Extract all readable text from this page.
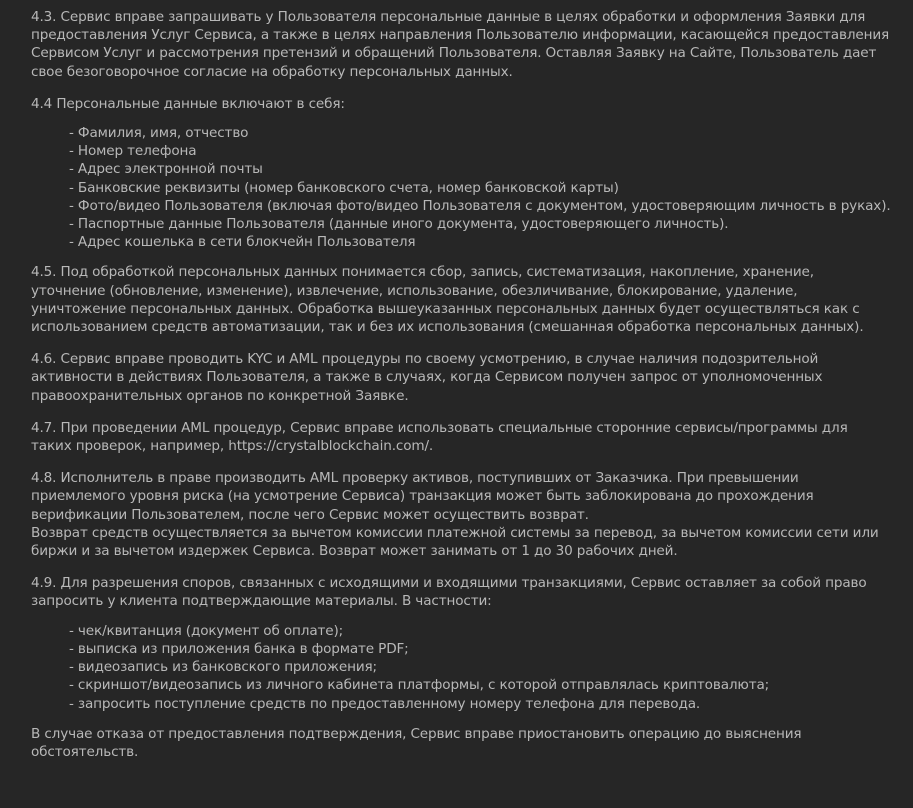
4.3. Сервис вправе запрашивать у Пользователя персональные данные в целях обработки и оформления Заявки для предоставления Услуг Сервиса, а также в целях направления Пользователю информации, касающейся предоставления Сервисом Услуг и рассмотрения претензий и обращений Пользователя. Оставляя Заявку на Сайте, Пользователь дает свое безоговорочное согласие на обработку персональных данных.

4.4 Персональные данные включают в себя:

- Фамилия, имя, отчество
- Номер телефона
- Адрес электронной почты
- Банковские реквизиты (номер банковского счета, номер банковской карты)
- Фото/видео Пользователя (включая фото/видео Пользователя с документом, удостоверяющим личность в руках).
- Паспортные данные Пользователя (данные иного документа, удостоверяющего личность).
- Адрес кошелька в сети блокчейн Пользователя

4.5. Под обработкой персональных данных понимается сбор, запись, систематизация, накопление, хранение, уточнение (обновление, изменение), извлечение, использование, обезличивание, блокирование, удаление, уничтожение персональных данных. Обработка вышеуказанных персональных данных будет осуществляться как с использованием средств автоматизации, так и без их использования (смешанная обработка персональных данных).

4.6. Сервис вправе проводить KYC и AML процедуры по своему усмотрению, в случае наличия подозрительной активности в действиях Пользователя, а также в случаях, когда Сервисом получен запрос от уполномоченных правоохранительных органов по конкретной Заявке.

4.7. При проведении AML процедур, Сервис вправе использовать специальные сторонние сервисы/программы для таких проверок, например, https://crystalblockchain.com/.

4.8. Исполнитель в праве производить AML проверку активов, поступивших от Заказчика. При превышении приемлемого уровня риска (на усмотрение Сервиса) транзакция может быть заблокирована до прохождения верификации Пользователем, после чего Сервис может осуществить возврат.
Возврат средств осуществляется за вычетом комиссии платежной системы за перевод, за вычетом комиссии сети или биржи и за вычетом издержек Сервиса. Возврат может занимать от 1 до 30 рабочих дней.

4.9. Для разрешения споров, связанных с исходящими и входящими транзакциями, Сервис оставляет за собой право запросить у клиента подтверждающие материалы. В частности:

- чек/квитанция (документ об оплате);
- выписка из приложения банка в формате PDF;
- видеозапись из банковского приложения;
- скриншот/видеозапись из личного кабинета платформы, с которой отправлялась криптовалюта;
- запросить поступление средств по предоставленному номеру телефона для перевода.

В случае отказа от предоставления подтверждения, Сервис вправе приостановить операцию до выяснения обстоятельств.
